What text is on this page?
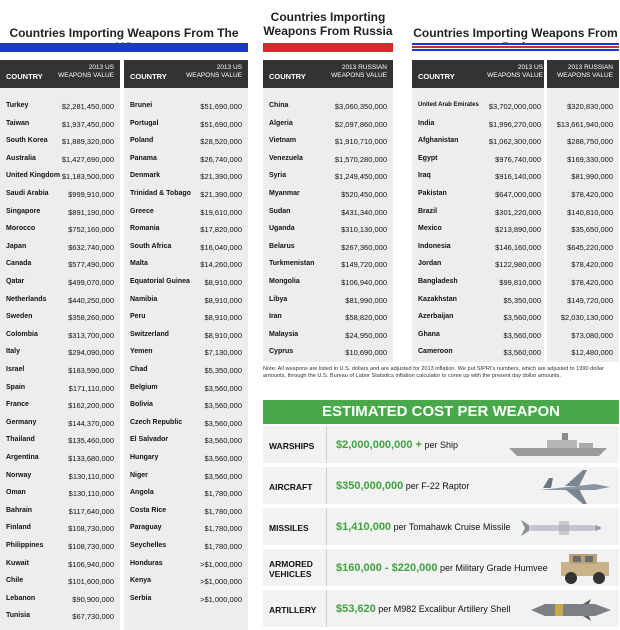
Countries Importing Weapons From The
Countries Importing
Weapons From Russia Countries Importing Weapons From
COUNTRY
2013 US
WEAPONS VALUE
Turkey	$2,281,450,000
Taiwan	$1,937,450,000
South Korea $1,889,320,000
Australia	$1,427,690,000
United Kingdom $1,183,500,000
Saudi Arabia	$999,910,000
Singapore	$891,190,000
Morocco	$752,160,000
Japan	$632,740,000
Canada	$577,490,000
Qatar	$499,070,000
Netherlands	$440,250,000
Sweden	$358,260,000
Colombia	$313,700,000
Italy	$294,090,000
Israel	$183,590,000
Spain	$171,110,000
France	$162,200,000
Germany	$144,370,000
Thailand	$135,460,000
Argentina	$133,680,000
Norway	$130,110,000
Oman	$130,110,000
Bahrain	$117,640,000
Finland	$108,730,000
Philippines	$108,730,000
Kuwait	$106,940,000
Chile	$101,600,000
Lebanon	$90,900,000
Tunisia	$67,730,000
COUNTRY
2013 US
WEAPONS VALUE
Brunei	$51,690,000
Portugal	$51,690,000
Poland	$28,520,000
Panama	$26,740,000
Denmark	$21,390,000
Trinidad & Tobago $21,390,000
Greece	$19,610,000
Romania	$17,820,000
South Africa	$16,040,000
Malta	$14,260,000
Equatorial Guinea $8,910,000
Namibia	$8,910,000
Peru	$8,910,000
Switzerland	$8,910,000
Yemen	$7,130,000
Chad	$5,350,000
Belgium	$3,560,000
Bolivia	$3,560,000
Czech Republic	$3,560,000
El Salvador	$3,560,000
Hungary	$3,560,000
Niger	$3,560,000
Angola	$1,780,000
Costa Rice	$1,780,000
Paraguay	$1,780,000
Seychelles	$1,780,000
Honduras	>$1,000,000
Kenya	>$1,000,000
Serbia	>$1,000,000
COUNTRY
2013 RUSSIAN
WEAPONS VALUE
China	$3,060,350,000
Algeria	$2,097,860,000
Vietnam	$1,910,710,000
Venezuela	$1,570,280,000
Syria	$1,249,450,000
Myanmar	$520,450,000
Sudan	$431,340,000
Uganda	$310,130,000
Belarus	$267,360,000
Turkmenistan	$149,720,000
Mongolia	$106,940,000
Libya	$81,990,000
Iran	$58,820,000
Malaysia	$24,950,000
Cyprus	$10,690,000
COUNTRY
2013 US
WEAPONS VALUE
2013 RUSSIAN
WEAPONS VALUE
United Arab Emirates $3,702,000,000	$320,830,000
India	$1,996,270,000 $13,661,940,000
Afghanistan	$1,062,300,000	$288,750,000
Egypt	$976,740,000	$169,330,000
Iraq	$916,140,000	$81,990,000
Pakistan	$647,000,000	$78,420,000
Brazil	$301,220,000	$140,810,000
Mexico	$213,890,000	$35,650,000
Indonesia	$146,160,000	$645,220,000
Jordan	$122,980,000	$78,420,000
Bangladesh	$99,810,000	$78,420,000
Kazakhstan	$5,350,000	$149,720,000
Azerbaijan	$3,560,000	$2,030,130,000
Ghana	$3,560,000	$73,080,000
Cameroon	$3,560,000	$12,480,000
Note: All weapons are listed in U.S. dollars and are adjusted for 2013 inflation. We put SIPRI's numbers, which are adjusted to 1990 dollar amounts, through the U.S. Bureau of Labor Statistics inflation calculator to come up with the present day dollar amounts.
ESTIMATED COST PER WEAPON
WARSHIPS $2,000,000,000 + per Ship
AIRCRAFT $350,000,000 per F-22 Raptor
MISSILES $1,410,000 per Tomahawk Cruise Missile
ARMORED
VEHICLES $160,000 - $220,000 per Military Grade Humvee
ARTILLERY $53,620 per M982 Excalibur Artillery Shell
